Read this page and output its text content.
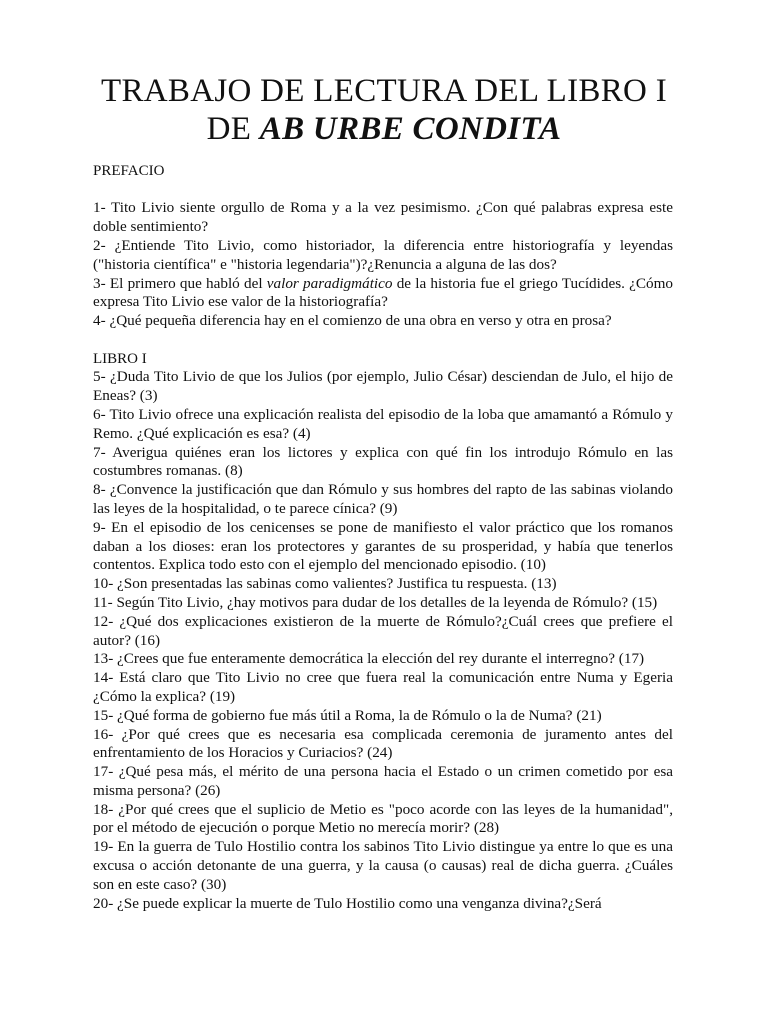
TRABAJO DE LECTURA DEL LIBRO I
DE AB URBE CONDITA
PREFACIO

1- Tito Livio siente orgullo de Roma y a la vez pesimismo. ¿Con qué palabras expresa este doble sentimiento?

2- ¿Entiende Tito Livio, como historiador, la diferencia entre historiografía y leyendas ("historia científica" e "historia legendaria")?¿Renuncia a alguna de las dos?

3- El primero que habló del valor paradigmático de la historia fue el griego Tucídides. ¿Cómo expresa Tito Livio ese valor de la historiografía?

4- ¿Qué pequeña diferencia hay en el comienzo de una obra en verso y otra en prosa?

LIBRO I

5- ¿Duda Tito Livio de que los Julios (por ejemplo, Julio César) desciendan de Julo, el hijo de Eneas? (3)

6- Tito Livio ofrece una explicación realista del episodio de la loba que amamantó a Rómulo y Remo. ¿Qué explicación es esa? (4)

7- Averigua quiénes eran los lictores y explica con qué fin los introdujo Rómulo en las costumbres romanas. (8)

8- ¿Convence la justificación que dan Rómulo y sus hombres del rapto de las sabinas violando las leyes de la hospitalidad, o te parece cínica? (9)

9- En el episodio de los cenicenses se pone de manifiesto el valor práctico que los romanos daban a los dioses: eran los protectores y garantes de su prosperidad, y había que tenerlos contentos. Explica todo esto con el ejemplo del mencionado episodio. (10)

10- ¿Son presentadas las sabinas como valientes? Justifica tu respuesta. (13)

11- Según Tito Livio, ¿hay motivos para dudar de los detalles de la leyenda de Rómulo? (15)

12- ¿Qué dos explicaciones existieron de la muerte de Rómulo?¿Cuál crees que prefiere el autor? (16)

13- ¿Crees que fue enteramente democrática la elección del rey durante el interregno? (17)

14- Está claro que Tito Livio no cree que fuera real la comunicación entre Numa y Egeria ¿Cómo la explica? (19)

15- ¿Qué forma de gobierno fue más útil a Roma, la de Rómulo o la de Numa? (21)

16- ¿Por qué crees que es necesaria esa complicada ceremonia de juramento antes del enfrentamiento de los Horacios y Curiacios? (24)

17- ¿Qué pesa más, el mérito de una persona hacia el Estado o un crimen cometido por esa misma persona? (26)

18- ¿Por qué crees que el suplicio de Metio es "poco acorde con las leyes de la humanidad", por el método de ejecución o porque Metio no merecía morir? (28)

19- En la guerra de Tulo Hostilio contra los sabinos Tito Livio distingue ya entre lo que es una excusa o acción detonante de una guerra, y la causa (o causas) real de dicha guerra. ¿Cuáles son en este caso? (30)

20- ¿Se puede explicar la muerte de Tulo Hostilio como una venganza divina?¿Será
